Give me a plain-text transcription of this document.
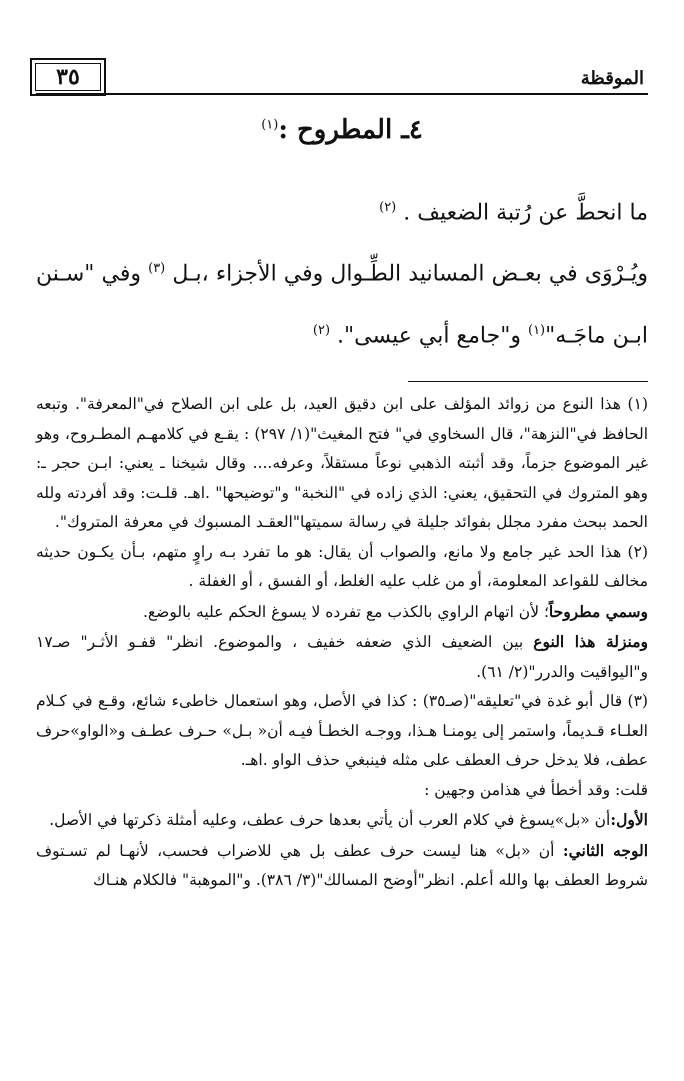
الموقظة
٣٥
٤ـ المطروح :$^{(١)}$

ما انحطَّ عن رُتبة الضعيف . $^{(٢)}$

ويُـرْوَى في بعـض المسانيد الطِّـوال وفي الأجزاء ،بـل $^{(٣)}$ وفي "سـنن ابـن ماجَـه"$^{(١)}$ و"جامع أبي عيسى". $^{(٢)}$

(١) هذا النوع من زوائد المؤلف على ابن دقيق العيد، بل على ابن الصلاح في"المعرفة". وتبعه الحافظ في"النزهة"، قال السخاوي في" فتح المغيث"(١/ ٢٩٧) : يقـع في كلامهـم المطـروح، وهو غير الموضوع جزماً، وقد أثبته الذهبي نوعاً مستقلاً، وعرفه.... وقال شيخنا ـ يعني: ابـن حجر ـ: وهو المتروك في التحقيق، يعني: الذي زاده في "النخبة" و"توضيحها" .اهـ. قلـت: وقد أفردته ولله الحمد ببحث مفرد مجلل بفوائد جليلة في رسالة سميتها"العقـد المسبوك في معرفة المتروك".

(٢) هذا الحد غير جامع ولا مانع، والصواب أن يقال: هو ما تفرد بـه راوٍ متهم، بـأن يكـون حديثه مخالف للقواعد المعلومة، أو من غلب عليه الغلط، أو الفسق ، أو الغفلة .

وسمي مطروحاً؛ لأن اتهام الراوي بالكذب مع تفرده لا يسوغ الحكم عليه بالوضع.

ومنزلة هذا النوع بين الضعيف الذي ضعفه خفيف ، والموضوع. انظر" قفـو الأثـر" صـ١٧ و"اليواقيت والدرر"(٢/ ٦١).

(٣) قال أبو غدة في"تعليقه"(صـ٣٥) : كذا في الأصل، وهو استعمال خاطىء شائع، وقـع في كـلام العلـاء قـديماً، واستمر إلى يومنـا هـذا، ووجـه الخطـأ فيـه أن« بـل» حـرف عطـف و«الواو»حرف عطف، فلا يدخل حرف العطف على مثله فينبغي حذف الواو .اهـ.

قلت: وقد أخطأ في هذامن وجهين :

الأول:أن «بل»يسوغ في كلام العرب أن يأتي بعدها حرف عطف، وعليه أمثلة ذكرتها في الأصل.

الوجه الثاني: أن «بل» هنا ليست حرف عطف بل هي للاضراب فحسب، لأنهـا لم تسـتوف شروط العطف بها والله أعلم. انظر"أوضح المسالك"(٣/ ٣٨٦). و"الموهبة" فالكلام هنـاك
